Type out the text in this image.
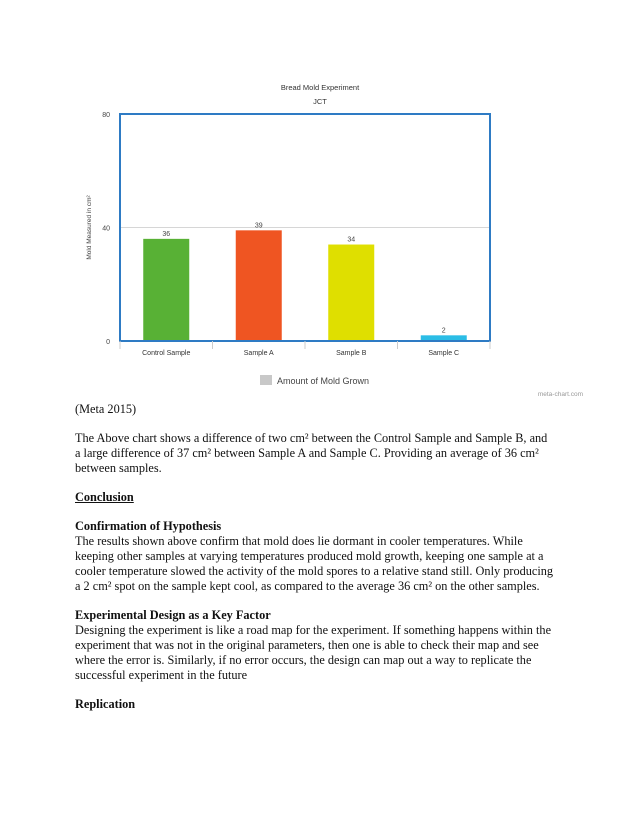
Bread Mold Experiment
JCT
0
40
80
Mold Measured in cm²	36
39
34
2
Control Sample	Sample A	Sample B	Sample C
Amount of Mold Grown
meta-chart.com

(Meta 2015)

The Above chart shows a difference of two cm² between the Control Sample and Sample B, and

a large difference of 37 cm² between Sample A and Sample C. Providing an average of 36 cm²

between samples.

Conclusion

Confirmation of Hypothesis

The results shown above confirm that mold does lie dormant in cooler temperatures. While

keeping other samples at varying temperatures produced mold growth, keeping one sample at a

cooler temperature slowed the activity of the mold spores to a relative stand still. Only producing

a 2 cm² spot on the sample kept cool, as compared to the average 36 cm² on the other samples.

Experimental Design as a Key Factor

Designing the experiment is like a road map for the experiment. If something happens within the

experiment that was not in the original parameters, then one is able to check their map and see

where the error is. Similarly, if no error occurs, the design can map out a way to replicate the

successful experiment in the future

Replication
